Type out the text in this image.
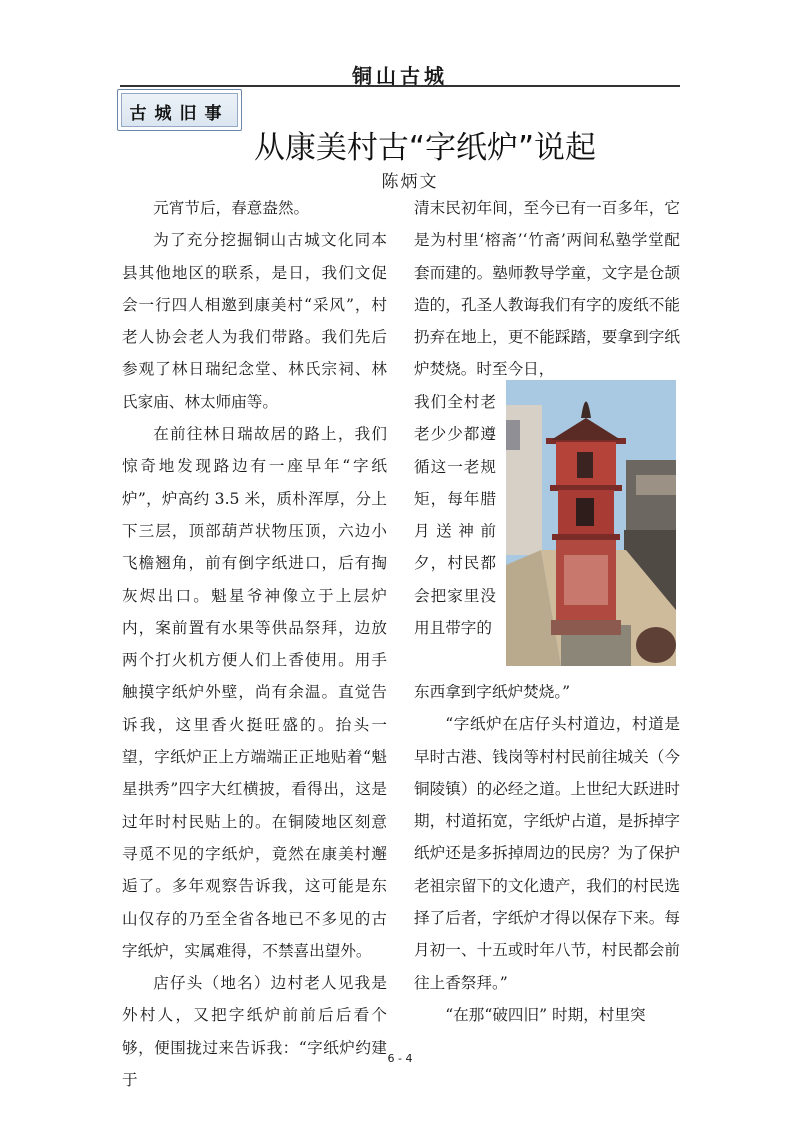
铜山古城
古城旧事
从康美村古“字纸炉”说起
陈炳文

元宵节后，春意盎然。

为了充分挖掘铜山古城文化同本县其他地区的联系，是日，我们文促会一行四人相邀到康美村“采风”，村老人协会老人为我们带路。我们先后参观了林日瑞纪念堂、林氏宗祠、林氏家庙、林太师庙等。

在前往林日瑞故居的路上，我们惊奇地发现路边有一座早年“字纸炉”，炉高约 3.5 米，质朴浑厚，分上下三层，顶部葫芦状物压顶，六边小飞檐翘角，前有倒字纸进口，后有掏灰烬出口。魁星爷神像立于上层炉内，案前置有水果等供品祭拜，边放两个打火机方便人们上香使用。用手触摸字纸炉外壁，尚有余温。直觉告诉我，这里香火挺旺盛的。抬头一望，字纸炉正上方端端正正地贴着“魁星拱秀”四字大红横披，看得出，这是过年时村民贴上的。在铜陵地区刻意寻觅不见的字纸炉，竟然在康美村邂逅了。多年观察告诉我，这可能是东山仅存的乃至全省各地已不多见的古字纸炉，实属难得，不禁喜出望外。

店仔头（地名）边村老人见我是外村人，又把字纸炉前前后后看个够，便围拢过来告诉我：“字纸炉约建于

清末民初年间，至今已有一百多年，它是为村里‘榕斋’‘竹斋’两间私塾学堂配套而建的。塾师教导学童，文字是仓颉造的，孔圣人教诲我们有字的废纸不能扔弃在地上，更不能踩踏，要拿到字纸炉焚烧。时至今日，

我们全村老老少少都遵循这一老规矩，每年腊月送神前夕，村民都会把家里没用且带字的

东西拿到字纸炉焚烧。”

“字纸炉在店仔头村道边，村道是早时古港、钱岗等村村民前往城关（今铜陵镇）的必经之道。上世纪大跃进时期，村道拓宽，字纸炉占道，是拆掉字纸炉还是多拆掉周边的民房？为了保护老祖宗留下的文化遗产，我们的村民选择了后者，字纸炉才得以保存下来。每月初一、十五或时年八节，村民都会前往上香祭拜。”

“在那“破四旧” 时期，村里突

6 - 4
